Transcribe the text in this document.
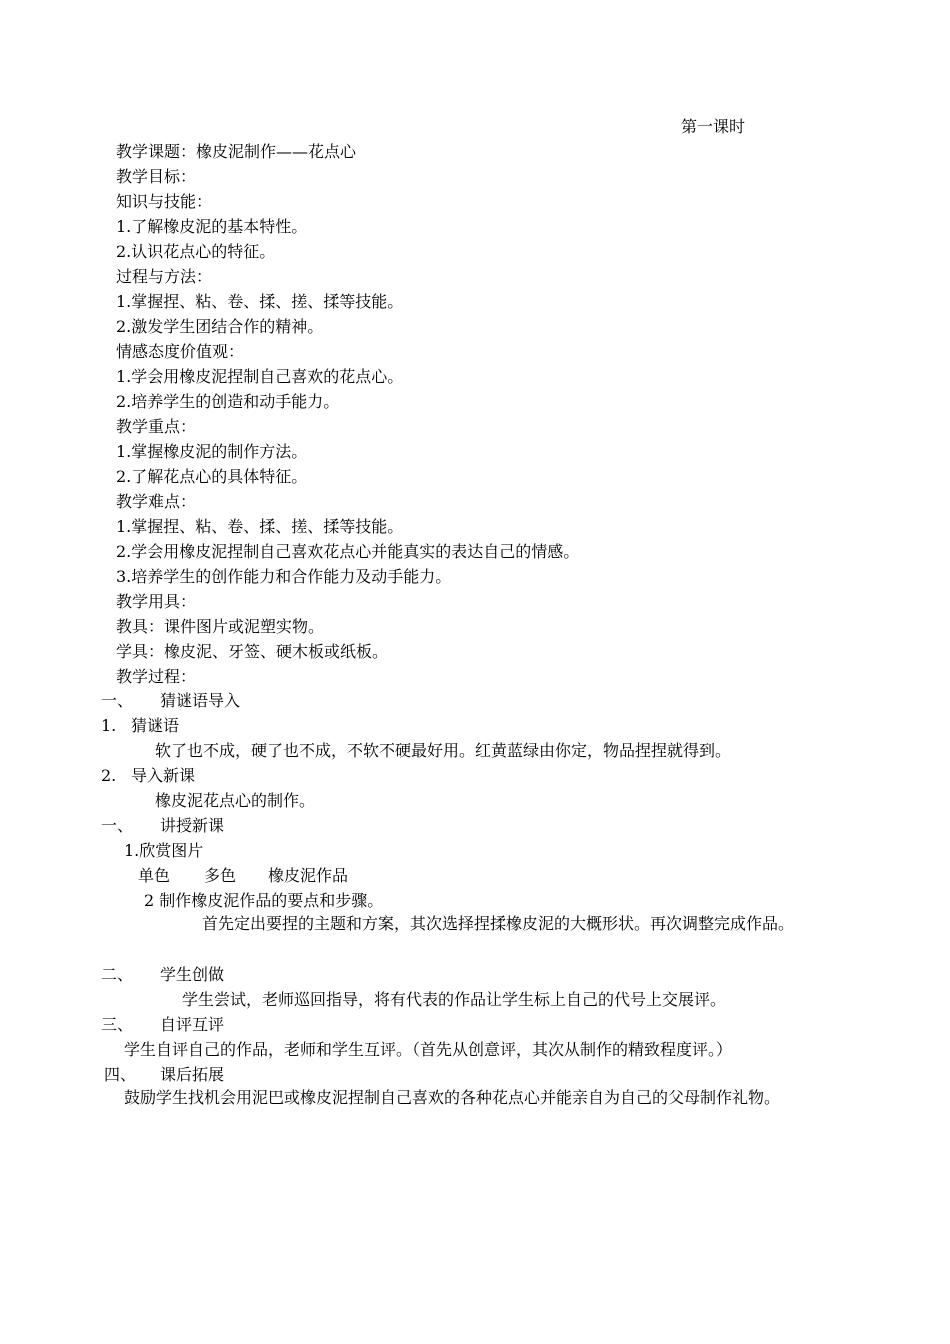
第一课时
教学课题：橡皮泥制作——花点心
教学目标：
知识与技能：
1.了解橡皮泥的基本特性。
2.认识花点心的特征。
过程与方法：
1.掌握捏、粘、卷、揉、搓、揉等技能。
2.激发学生团结合作的精神。
情感态度价值观：
1.学会用橡皮泥捏制自己喜欢的花点心。
2.培养学生的创造和动手能力。
教学重点：
1.掌握橡皮泥的制作方法。
2.了解花点心的具体特征。
教学难点：
1.掌握捏、粘、卷、揉、搓、揉等技能。
2.学会用橡皮泥捏制自己喜欢花点心并能真实的表达自己的情感。
3.培养学生的创作能力和合作能力及动手能力。
教学用具：
教具：课件图片或泥塑实物。
学具：橡皮泥、牙签、硬木板或纸板。
教学过程：
一、 猜谜语导入
1. 猜谜语
软了也不成，硬了也不成，不软不硬最好用。红黄蓝绿由你定，物品捏捏就得到。
2. 导入新课
橡皮泥花点心的制作。
一、 讲授新课
1.欣赏图片
单色 多色 橡皮泥作品
2 制作橡皮泥作品的要点和步骤。
首先定出要捏的主题和方案，其次选择捏揉橡皮泥的大概形状。再次调整完成作品。
二、 学生创做
学生尝试，老师巡回指导，将有代表的作品让学生标上自己的代号上交展评。
三、 自评互评
学生自评自己的作品，老师和学生互评。（首先从创意评，其次从制作的精致程度评。）
四、 课后拓展
鼓励学生找机会用泥巴或橡皮泥捏制自己喜欢的各种花点心并能亲自为自己的父母制作礼物。
